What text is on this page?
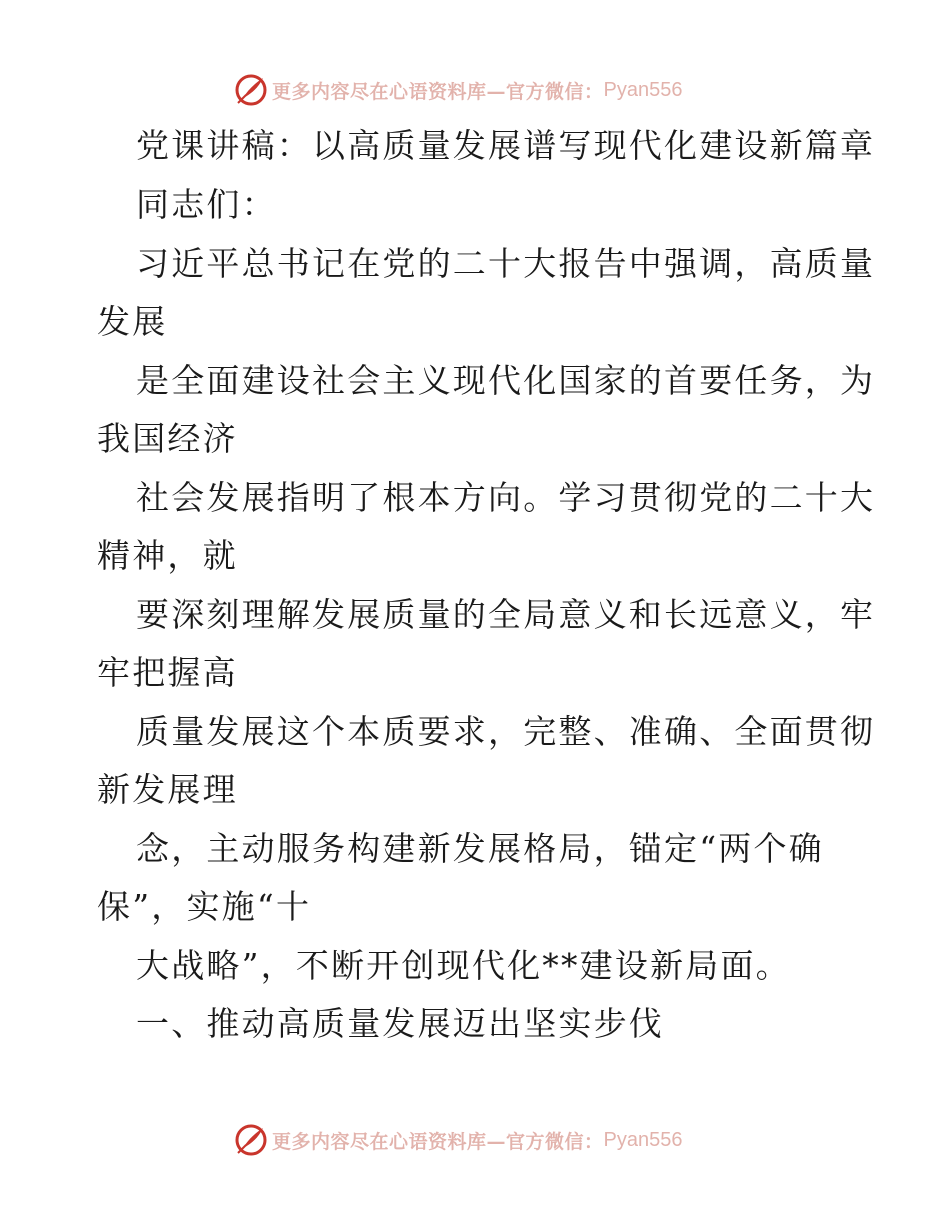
更多内容尽在心语资料库—官方微信： Pyan556
党课讲稿：以高质量发展谱写现代化建设新篇章
同志们：
习近平总书记在党的二十大报告中强调，高质量
发展
是全面建设社会主义现代化国家的首要任务，为
我国经济
社会发展指明了根本方向。学习贯彻党的二十大
精神，就
要深刻理解发展质量的全局意义和长远意义，牢
牢把握高
质量发展这个本质要求，完整、准确、全面贯彻
新发展理
念，主动服务构建新发展格局，锚定“两个确
保”，实施“十
大战略”，不断开创现代化**建设新局面。
一、推动高质量发展迈出坚实步伐
更多内容尽在心语资料库—官方微信： Pyan556
